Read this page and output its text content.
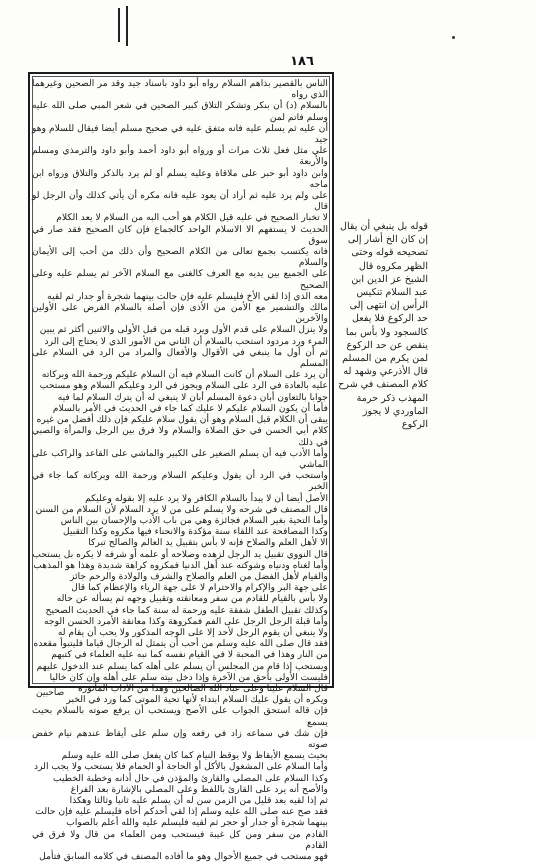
١٨٦

الناس بالقصير بذاهم السلام رواه أبو داود باسناد جيد وقد مر الصحين وغيرهما الذي رواه

بالسلام (د) أن بنكر وتشكر التلاق كبير الصحين في شعر المبي صلى الله عليه وسلم فاتم لمن

أن عليه ثم يسلم عليه فانه متفق عليه في صحيح مسلم أيضا فيقال للسلام وهو جيد

علي مثل فعل ثلاث مرات أو ورواه أبو داود أحمد وأبو داود والترمذي ومسلم والأربعة

وابن داود أبو حبر على ملاقاة وعليه يسلم أو لم يرد بالذكر والتلاق ورواه ابن ماجه

على ولم يرد عليه ثم أراد أن يعود عليه فانه مكره أن يأتي كذلك وأن الرجل لو قال

لا تخبار الصحيح في عليه قيل الكلام هو أحب البه من السلام لا يعد الكلام

الحديث لا يستفهم الا الاسلام الواحد كالجماع فإن كان الصحيح فقد صار في سوق

فانه يكتسب بجمع تعالى من الكلام الصحيح وأن ذلك من أحب إلى الأيمان والسلام

على الجميع بين يديه مع العرف كالغنى مع السلام الآخر ثم يسلم عليه وعلى الصحيح

معه الذي إذا لقي الأخ فليسلم عليه فإن حالت بينهما شجرة أو جدار ثم لقيه

مالك والتشمير مع الأمن من الأذى فإن أصله بالسلام الفرض على الأولين والآخرين

ولا ينزل السلام على قدم الأول ويرد قبله من قبل الأولى والاثنين أكثر ثم يبين

المرء ورد مردود استحب بالسلام أن الثاني من الأمور الذي لا يحتاج إلى الرد

ثم أن أول ما ينبغي في الأقوال والأفعال والمراد من الرد في السلام على المسلم

أن يرد على السلام أن كانت السلام فيه أن السلام عليكم ورحمة الله وبركاته

عليه بالعادة في الرد على السلام ويجوز في الرد وعليكم السلام وهو مستحب

جوابا بالتعاون أبان دعوة المسلم أبان لا ينبغي له أن يترك السلام لما فيه

فأما أن يكون السلام عليكم لا عليك كما جاء في الحديث في الأمر بالسلام

يبقى أن الكلام قبل السلام وهو أن يقول سلام عليكم فإن ذلك أفضل من غيره

كلام أبي الحسن في حق الصلاة والسلام ولا فرق بين الرجل والمرأة والصبي في ذلك

وأما الأدب فيه أن يسلم الصغير على الكبير والماشي على القاعد والراكب على الماشي

واستحب في الرد أن يقول وعليكم السلام ورحمة الله وبركاته كما جاء في الخبر

الأصل أيضا أن لا يبدأ بالسلام الكافر ولا يرد عليه إلا بقوله وعليكم

قال المصنف في شرحه ولا يسلم على من لا يرد السلام لأن السلام من السنن

وأما التحية بغير السلام فجائزة وهي من باب الأدب والإحسان بين الناس

وكذا المصافحة عند اللقاء سنة مؤكدة والانحناء فيها مكروه وكذا التقبيل

الا لأهل العلم والصلاح فإنه لا بأس بتقبيل يد العالم والصالح تبركا

قال النووي تقبيل يد الرجل لزهده وصلاحه أو علمه أو شرفه لا يكره بل يستحب

وأما لغناه ودنياه وشوكته عند أهل الدنيا فمكروه كراهة شديدة وهذا هو المذهب

والقيام لأهل الفضل من العلم والصلاح والشرف والولادة والرحم جائز

على جهة البر والإكرام والاحترام لا على جهة الرياء والإعظام كما قال

ولا بأس بالقيام للقادم من سفر ومعانقته وتقبيل وجهه ثم يسأله عن حاله

وكذلك تقبيل الطفل شفقة عليه ورحمة له سنة كما جاء في الحديث الصحيح

وأما قبلة الرجل الرجل على الفم فمكروهة وكذا معانقة الأمرد الحسن الوجه

ولا ينبغي أن يقوم الرجل لأحد إلا على الوجه المذكور ولا يحب أن يقام له

فقد قال صلى الله عليه وسلم من أحب أن يتمثل له الرجال قياما فليتبوأ مقعده

من النار وهذا في المحبة لا في القيام نفسه كما نبه عليه العلماء في كتبهم

ويستحب إذا قام من المجلس أن يسلم على أهله كما يسلم عند الدخول عليهم

فليست الأولى بأحق من الآخرة وإذا دخل بيته سلم على أهله وإن كان خاليا

قال السلام علينا وعلى عباد الله الصالحين وهذا من الآداب المأثورة

ويكره أن يقول عليك السلام ابتداء لأنها تحية الموتى كما ورد في الخبر

فإن قاله استحق الجواب على الأصح ويستحب أن يرفع صوته بالسلام بحيث يسمع

فإن شك في سماعه زاد في رفعه وإن سلم على أيقاظ عندهم نيام خفض صوته

بحيث يسمع الأيقاظ ولا يوقظ النيام كما كان يفعل صلى الله عليه وسلم

وأما السلام على المشغول بالأكل أو الحاجة أو الحمام فلا يستحب ولا يجب الرد

وكذا السلام على المصلي والقارئ والمؤذن في حال أذانه وخطبة الخطيب

والأصح أنه يرد على القارئ باللفظ وعلى المصلي بالإشارة بعد الفراغ

ثم إذا لقيه بعد قليل من الزمن سن له أن يسلم عليه ثانيا وثالثا وهكذا

فقد صح عنه صلى الله عليه وسلم إذا لقي أحدكم أخاه فليسلم عليه فإن حالت

بينهما شجرة أو جدار أو حجر ثم لقيه فليسلم عليه والله أعلم بالصواب

القادم من سفر ومن كل غيبة فيستحب ومن العلماء من قال ولا فرق في القادم

فهو مستحب في جميع الأحوال وهو ما أفاده المصنف في كلامه السابق فتأمل

قوله بل ينبغي أن يقال إن كان الخ أشار إلى تصحيحه قوله وحتى الظهر مكروه قال الشيخ عز الدين ابن عبد السلام تنكيس الرأس إن انتهى إلى حد الركوع فلا يفعل كالسجود ولا بأس بما ينقص عن حد الركوع لمن يكرم من المسلم قال الأذرعي وشهد له كلام المصنف في شرح المهذب ذكر حرمة الماوردي لا يجوز الركوع
صاحبين
